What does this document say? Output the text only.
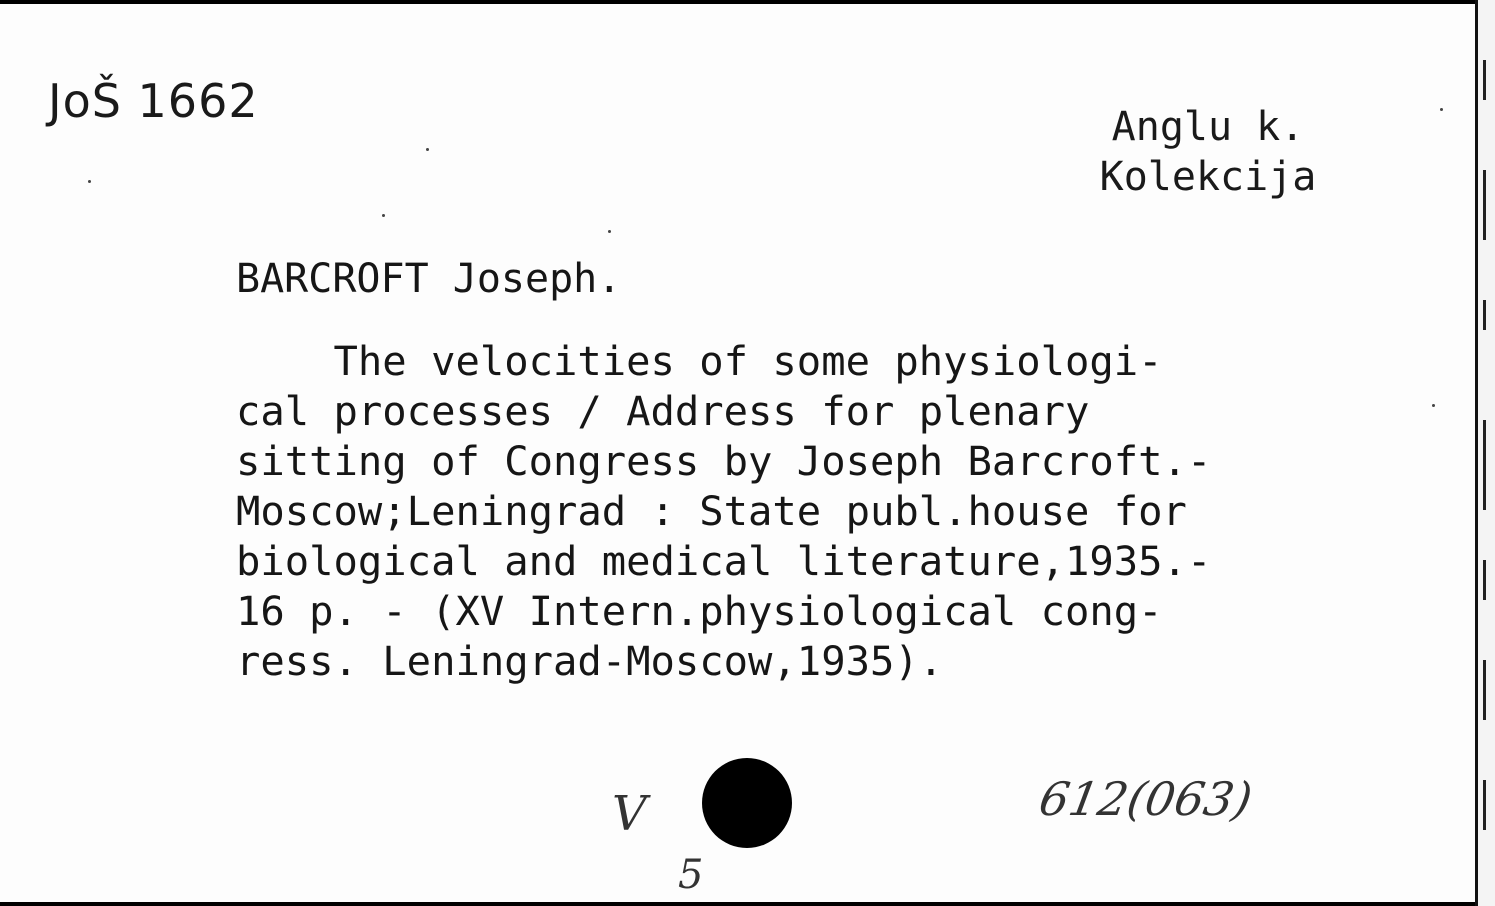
JoŠ 1662	Anglu k.
Kolekcija
BARCROFT Joseph.
The velocities of some physiologi-
cal processes / Address for plenary
sitting of Congress by Joseph Barcroft.-
Moscow;Leningrad : State publ.house for
biological and medical literature,1935.-
16 p. - (XV Intern.physiological cong-
ress. Leningrad-Moscow,1935).
V
5
612(063)
